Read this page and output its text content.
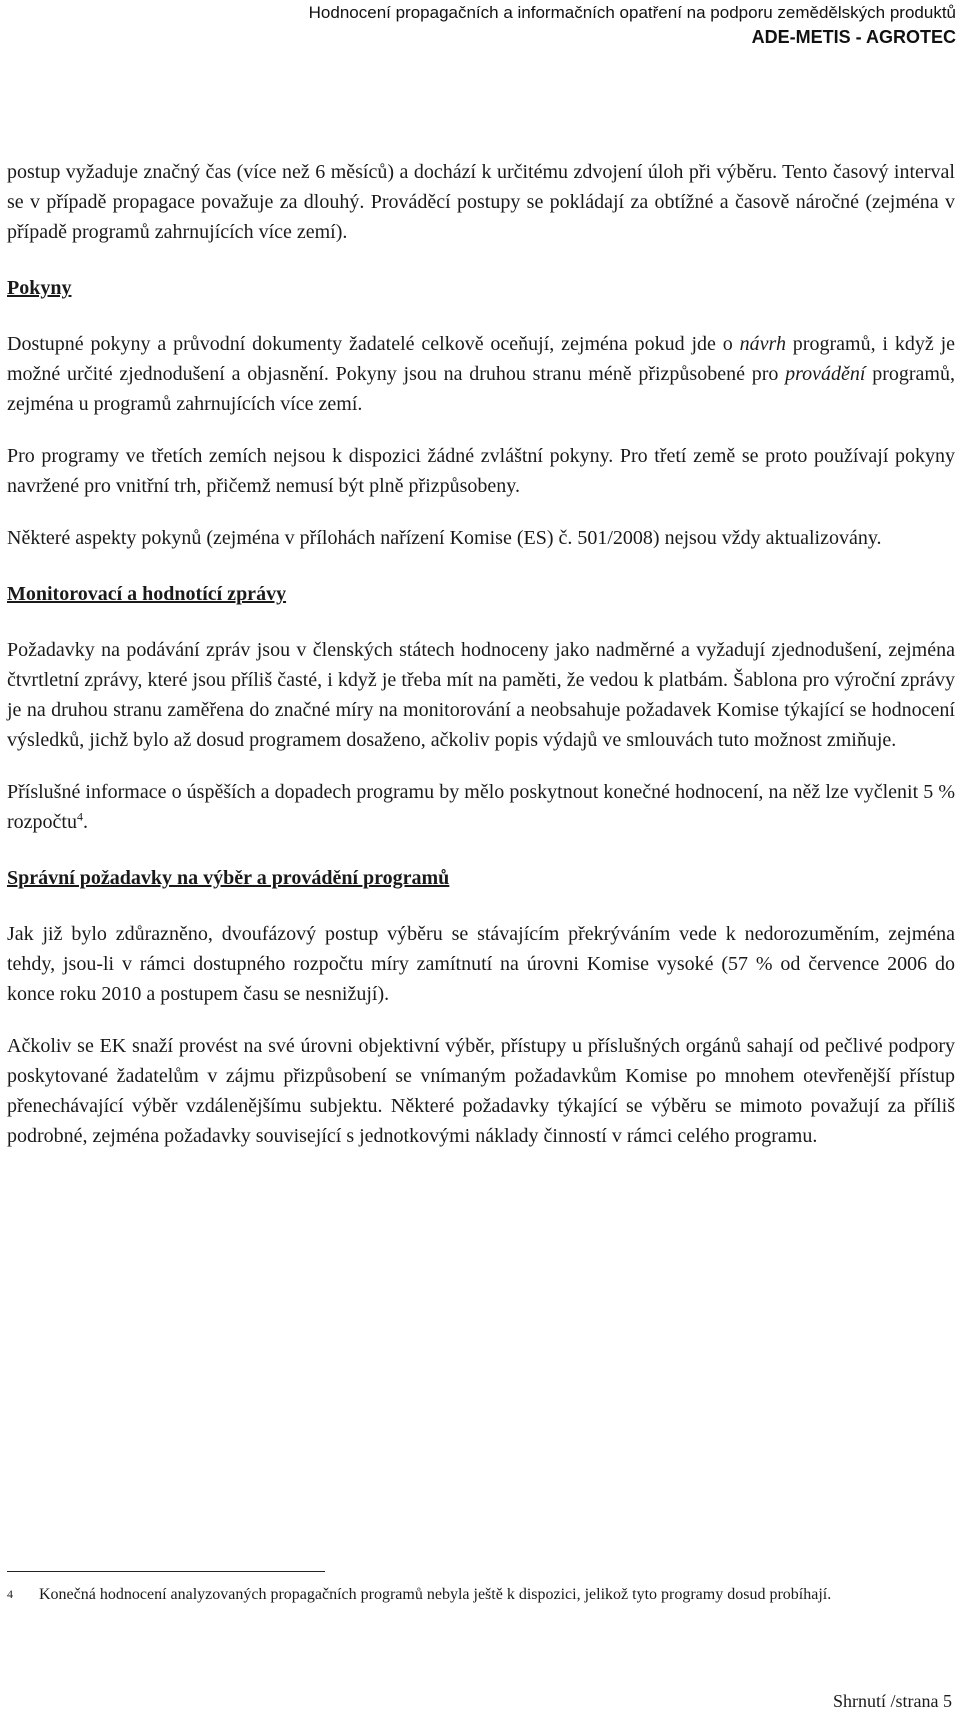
Hodnocení propagačních a informačních opatření na podporu zemědělských produktů
ADE-METIS - AGROTEC

postup vyžaduje značný čas (více než 6 měsíců) a dochází k určitému zdvojení úloh při výběru. Tento časový interval se v případě propagace považuje za dlouhý. Prováděcí postupy se pokládají za obtížné a časově náročné (zejména v případě programů zahrnujících více zemí).

Pokyny

Dostupné pokyny a průvodní dokumenty žadatelé celkově oceňují, zejména pokud jde o návrh programů, i když je možné určité zjednodušení a objasnění. Pokyny jsou na druhou stranu méně přizpůsobené pro provádění programů, zejména u programů zahrnujících více zemí.

Pro programy ve třetích zemích nejsou k dispozici žádné zvláštní pokyny. Pro třetí země se proto používají pokyny navržené pro vnitřní trh, přičemž nemusí být plně přizpůsobeny.

Některé aspekty pokynů (zejména v přílohách nařízení Komise (ES) č. 501/2008) nejsou vždy aktualizovány.

Monitorovací a hodnotící zprávy

Požadavky na podávání zpráv jsou v členských státech hodnoceny jako nadměrné a vyžadují zjednodušení, zejména čtvrtletní zprávy, které jsou příliš časté, i když je třeba mít na paměti, že vedou k platbám. Šablona pro výroční zprávy je na druhou stranu zaměřena do značné míry na monitorování a neobsahuje požadavek Komise týkající se hodnocení výsledků, jichž bylo až dosud programem dosaženo, ačkoliv popis výdajů ve smlouvách tuto možnost zmiňuje.

Příslušné informace o úspěších a dopadech programu by mělo poskytnout konečné hodnocení, na něž lze vyčlenit 5 % rozpočtu$^4$.

Správní požadavky na výběr a provádění programů

Jak již bylo zdůrazněno, dvoufázový postup výběru se stávajícím překrýváním vede k nedorozuměním, zejména tehdy, jsou-li v rámci dostupného rozpočtu míry zamítnutí na úrovni Komise vysoké (57 % od července 2006 do konce roku 2010 a postupem času se nesnižují).

Ačkoliv se EK snaží provést na své úrovni objektivní výběr, přístupy u příslušných orgánů sahají od pečlivé podpory poskytované žadatelům v zájmu přizpůsobení se vnímaným požadavkům Komise po mnohem otevřenější přístup přenechávající výběr vzdálenějšímu subjektu. Některé požadavky týkající se výběru se mimoto považují za příliš podrobné, zejména požadavky související s jednotkovými náklady činností v rámci celého programu.

4	Konečná hodnocení analyzovaných propagačních programů nebyla ještě k dispozici, jelikož tyto programy dosud probíhají.
Shrnutí /strana 5
